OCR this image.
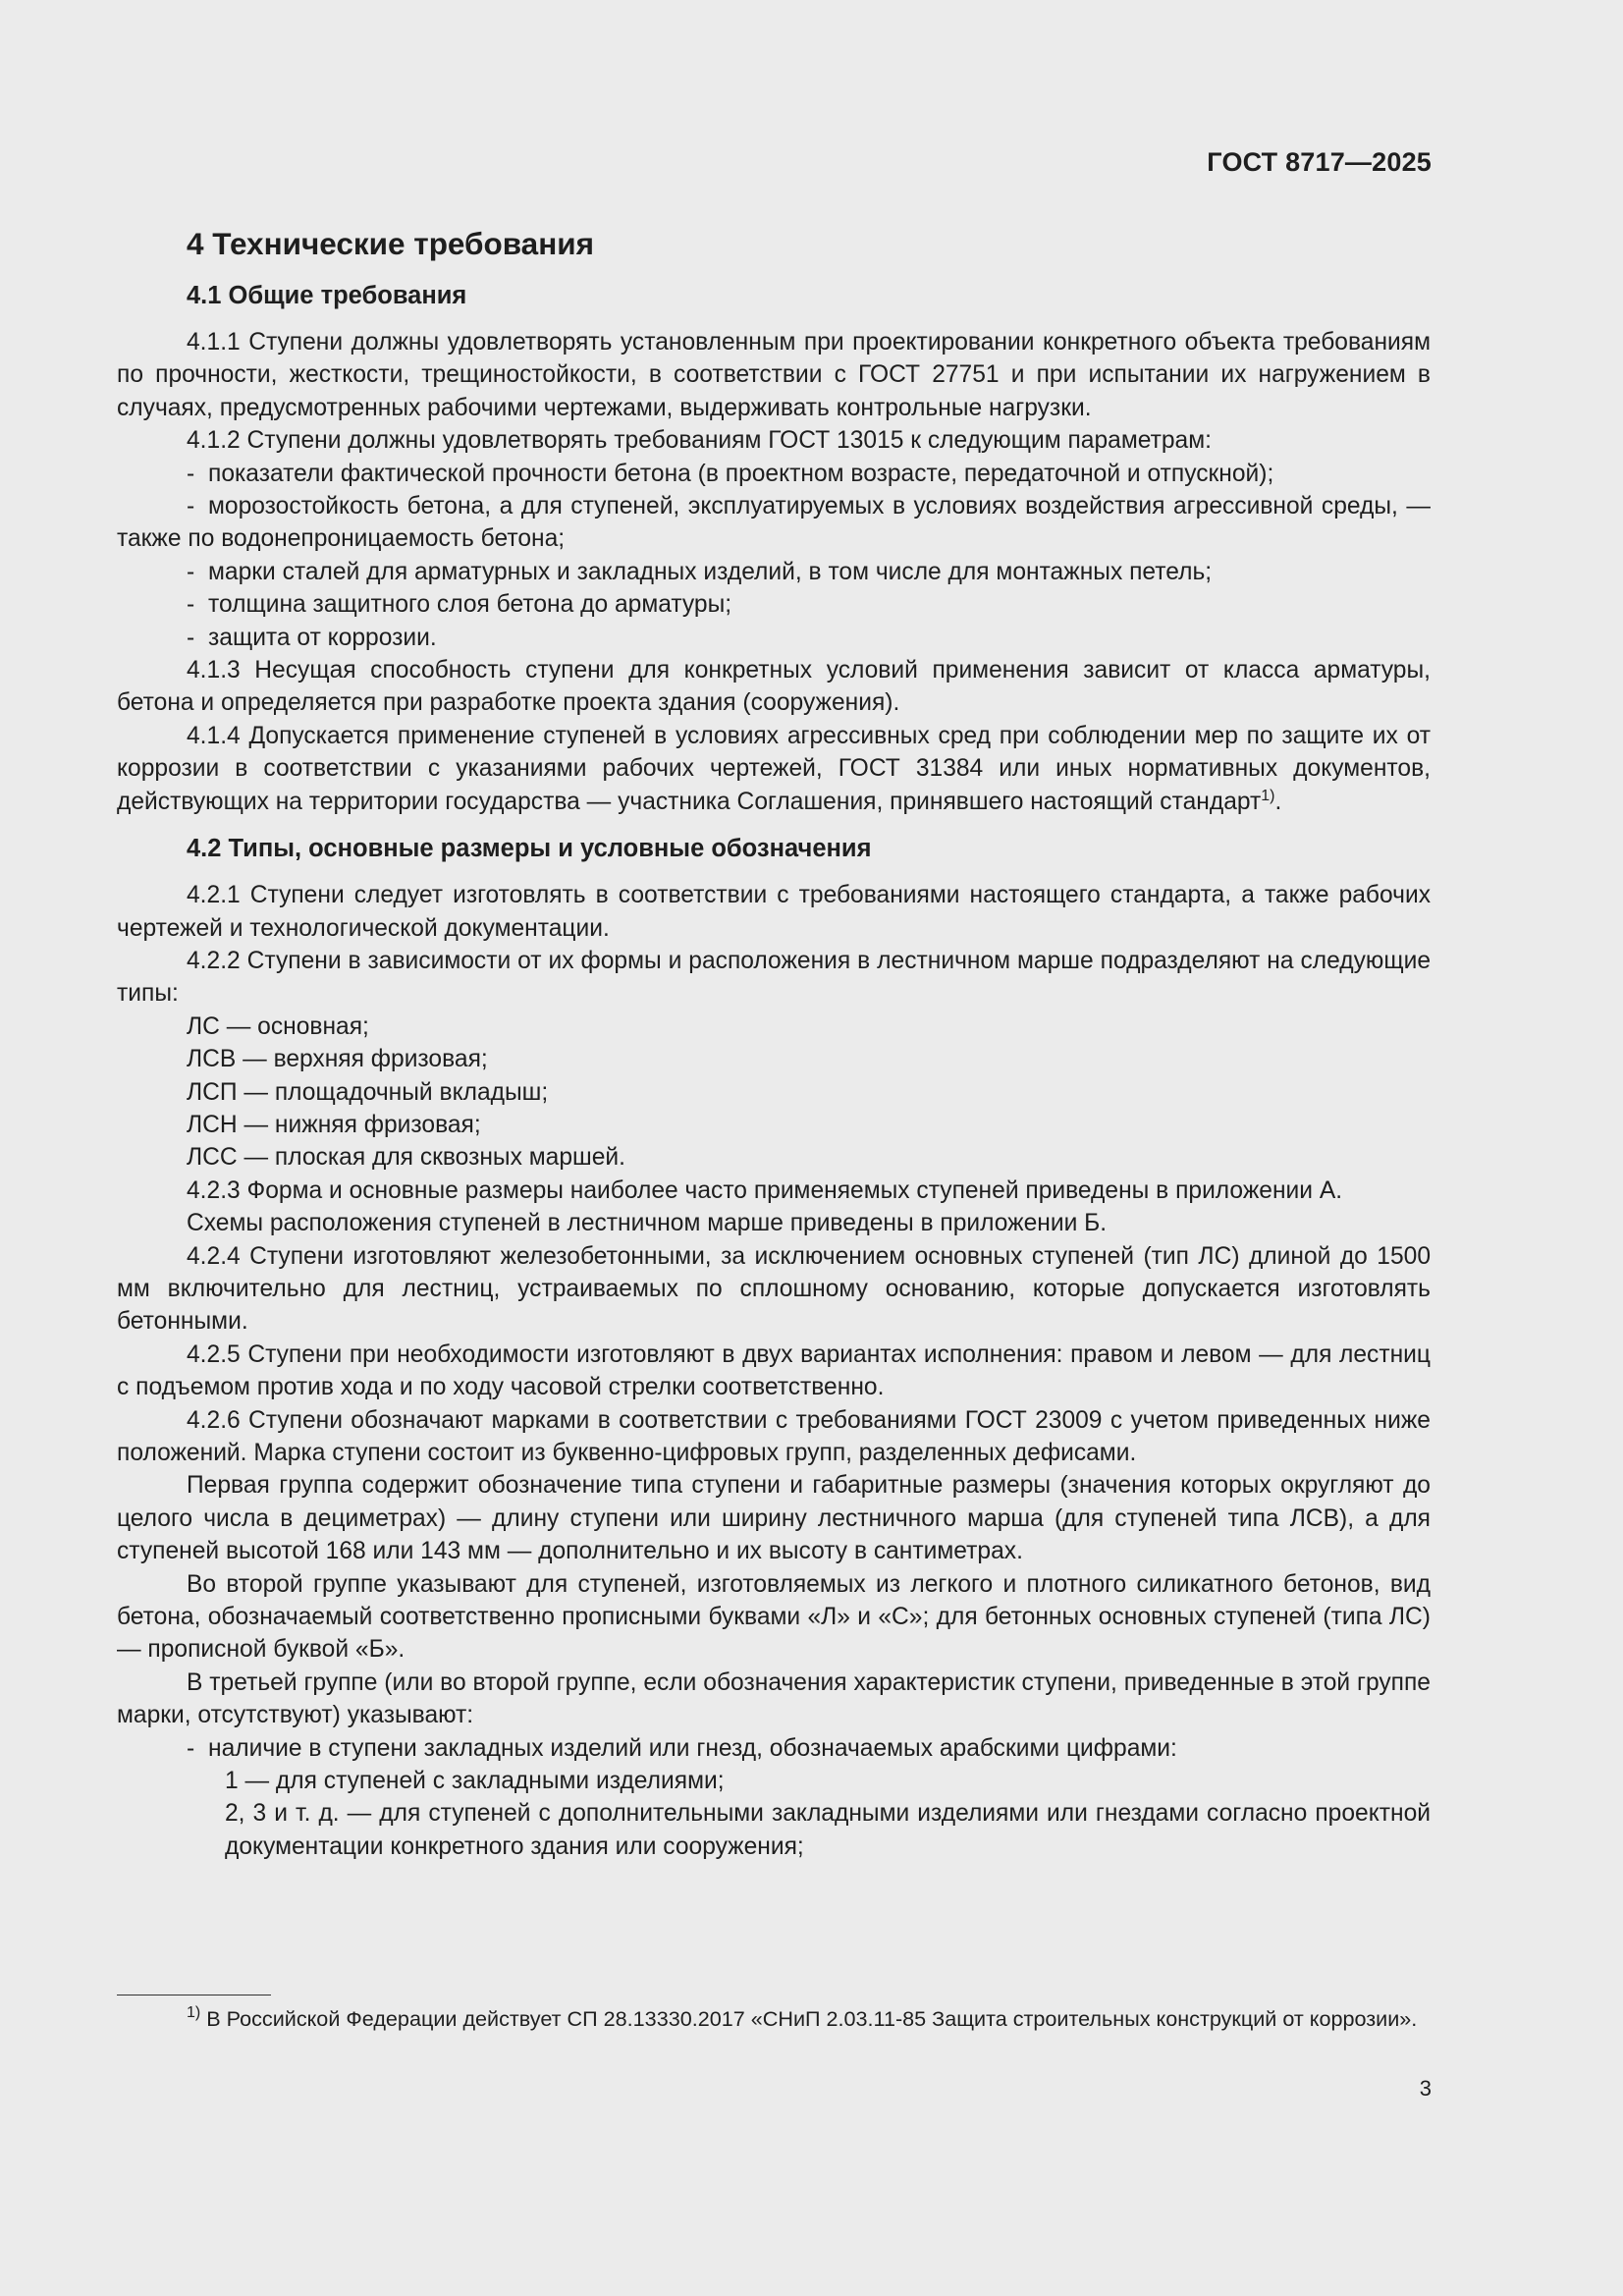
ГОСТ 8717—2025

4 Технические требования

4.1 Общие требования

4.1.1 Ступени должны удовлетворять установленным при проектировании конкретного объекта требованиям по прочности, жесткости, трещиностойкости, в соответствии с ГОСТ 27751 и при испытании их нагружением в случаях, предусмотренных рабочими чертежами, выдерживать контрольные нагрузки.

4.1.2 Ступени должны удовлетворять требованиям ГОСТ 13015 к следующим параметрам:

- показатели фактической прочности бетона (в проектном возрасте, передаточной и отпускной);

- морозостойкость бетона, а для ступеней, эксплуатируемых в условиях воздействия агрессивной среды, — также по водонепроницаемость бетона;

- марки сталей для арматурных и закладных изделий, в том числе для монтажных петель;

- толщина защитного слоя бетона до арматуры;

- защита от коррозии.

4.1.3 Несущая способность ступени для конкретных условий применения зависит от класса арматуры, бетона и определяется при разработке проекта здания (сооружения).

4.1.4 Допускается применение ступеней в условиях агрессивных сред при соблюдении мер по защите их от коррозии в соответствии с указаниями рабочих чертежей, ГОСТ 31384 или иных нормативных документов, действующих на территории государства — участника Соглашения, принявшего настоящий стандарт$^{1)}$.

4.2 Типы, основные размеры и условные обозначения

4.2.1 Ступени следует изготовлять в соответствии с требованиями настоящего стандарта, а также рабочих чертежей и технологической документации.

4.2.2 Ступени в зависимости от их формы и расположения в лестничном марше подразделяют на следующие типы:

ЛС — основная;

ЛСВ — верхняя фризовая;

ЛСП — площадочный вкладыш;

ЛСН — нижняя фризовая;

ЛСС — плоская для сквозных маршей.

4.2.3 Форма и основные размеры наиболее часто применяемых ступеней приведены в приложении А.

Схемы расположения ступеней в лестничном марше приведены в приложении Б.

4.2.4 Ступени изготовляют железобетонными, за исключением основных ступеней (тип ЛС) длиной до 1500 мм включительно для лестниц, устраиваемых по сплошному основанию, которые допускается изготовлять бетонными.

4.2.5 Ступени при необходимости изготовляют в двух вариантах исполнения: правом и левом — для лестниц с подъемом против хода и по ходу часовой стрелки соответственно.

4.2.6 Ступени обозначают марками в соответствии с требованиями ГОСТ 23009 с учетом приведенных ниже положений. Марка ступени состоит из буквенно-цифровых групп, разделенных дефисами.

Первая группа содержит обозначение типа ступени и габаритные размеры (значения которых округляют до целого числа в дециметрах) — длину ступени или ширину лестничного марша (для ступеней типа ЛСВ), а для ступеней высотой 168 или 143 мм — дополнительно и их высоту в сантиметрах.

Во второй группе указывают для ступеней, изготовляемых из легкого и плотного силикатного бетонов, вид бетона, обозначаемый соответственно прописными буквами «Л» и «С»; для бетонных основных ступеней (типа ЛС) — прописной буквой «Б».

В третьей группе (или во второй группе, если обозначения характеристик ступени, приведенные в этой группе марки, отсутствуют) указывают:

- наличие в ступени закладных изделий или гнезд, обозначаемых арабскими цифрами:

1 — для ступеней с закладными изделиями;

2, 3 и т. д. — для ступеней с дополнительными закладными изделиями или гнездами согласно проектной документации конкретного здания или сооружения;

$^{1)}$ В Российской Федерации действует СП 28.13330.2017 «СНиП 2.03.11-85 Защита строительных конструкций от коррозии».
3
